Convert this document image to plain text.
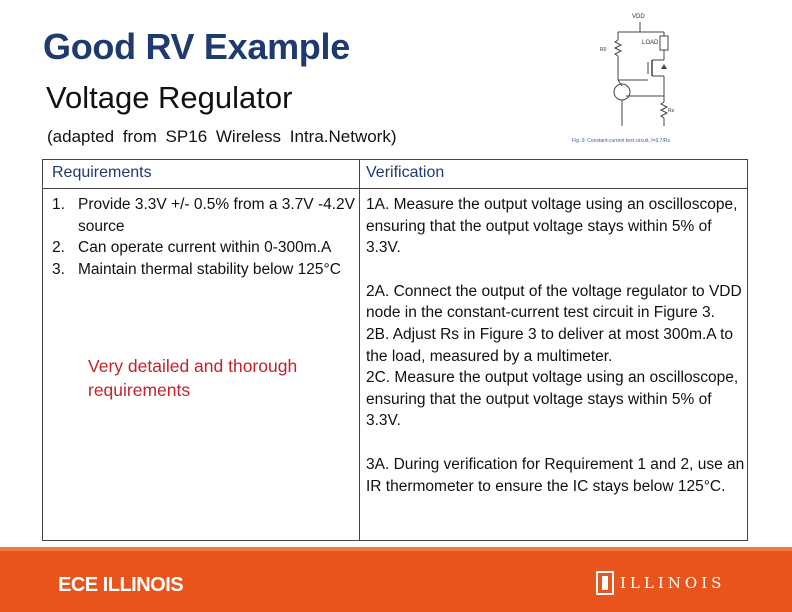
Good RV Example
Voltage Regulator
(adapted from SP16 Wireless Intra.Network)
VDD
R0
LOAD
Rs
Fig. 3: Constant-current test circuit, I=3.7/Rs
Requirements	Verification
1. Provide 3.3V +/- 0.5% from a 3.7V -4.2V source
2. Can operate current within 0-300m.A
3. Maintain thermal stability below 125°C
Very detailed and thorough requirements

1A. Measure the output voltage using an oscilloscope, ensuring that the output voltage stays within 5% of 3.3V.

2A. Connect the output of the voltage regulator to VDD node in the constant-current test circuit in Figure 3.

2B. Adjust Rs in Figure 3 to deliver at most 300m.A to the load, measured by a multimeter.

2C. Measure the output voltage using an oscilloscope, ensuring that the output voltage stays within 5% of 3.3V.

3A. During verification for Requirement 1 and 2, use an IR thermometer to ensure the IC stays below 125°C.

ECE ILLINOIS	ILLINOIS
